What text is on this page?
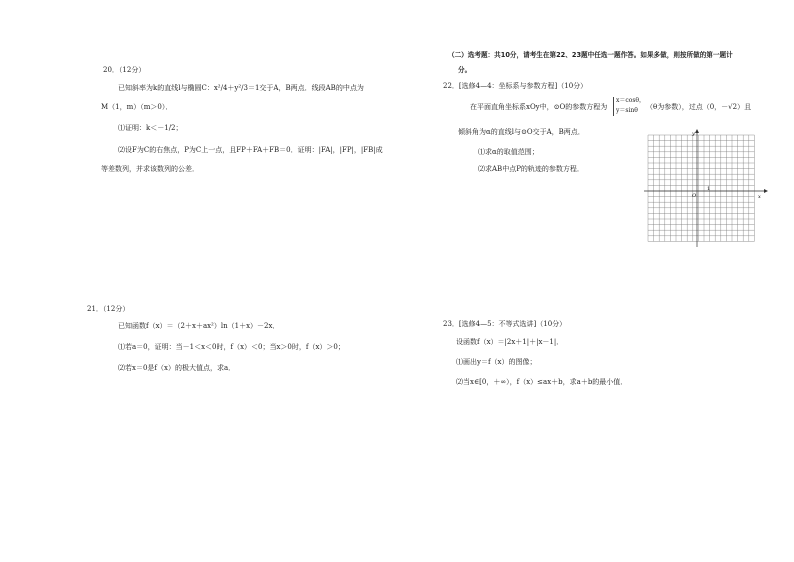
20．（12分）
已知斜率为k的直线l与椭圆C：x²/4＋y²/3＝1交于A，B两点．线段AB的中点为
M（1，m）（m＞0）．
⑴证明：k＜－1/2；
⑵设F为C的右焦点，P为C上一点，且FP＋FA＋FB＝0．证明：|FA|，|FP|，|FB|成
等差数列，并求该数列的公差．
21．（12分）
已知函数f（x）＝（2＋x＋ax²）ln（1＋x）－2x．
⑴若a＝0，证明：当－1＜x＜0时，f（x）＜0；当x＞0时，f（x）＞0；
⑵若x＝0是f（x）的极大值点，求a．
（二）选考题：共10分，请考生在第22、23题中任选一题作答。如果多做，则按所做的第一题计
分。
22．[选修4—4：坐标系与参数方程]（10分）
在平面直角坐标系xOy中，⊙O的参数方程为
x＝cosθ，
y＝sinθ （θ为参数），过点（0，－√2）且
倾斜角为α的直线l与⊙O交于A，B两点．
⑴求α的取值范围；
⑵求AB中点P的轨迹的参数方程．
y
x
O
1
23．[选修4—5：不等式选讲]（10分）
设函数f（x）＝|2x＋1|＋|x－1|．
⑴画出y＝f（x）的图像；
⑵当x∈[0，＋∞），f（x）≤ax＋b，求a＋b的最小值．
